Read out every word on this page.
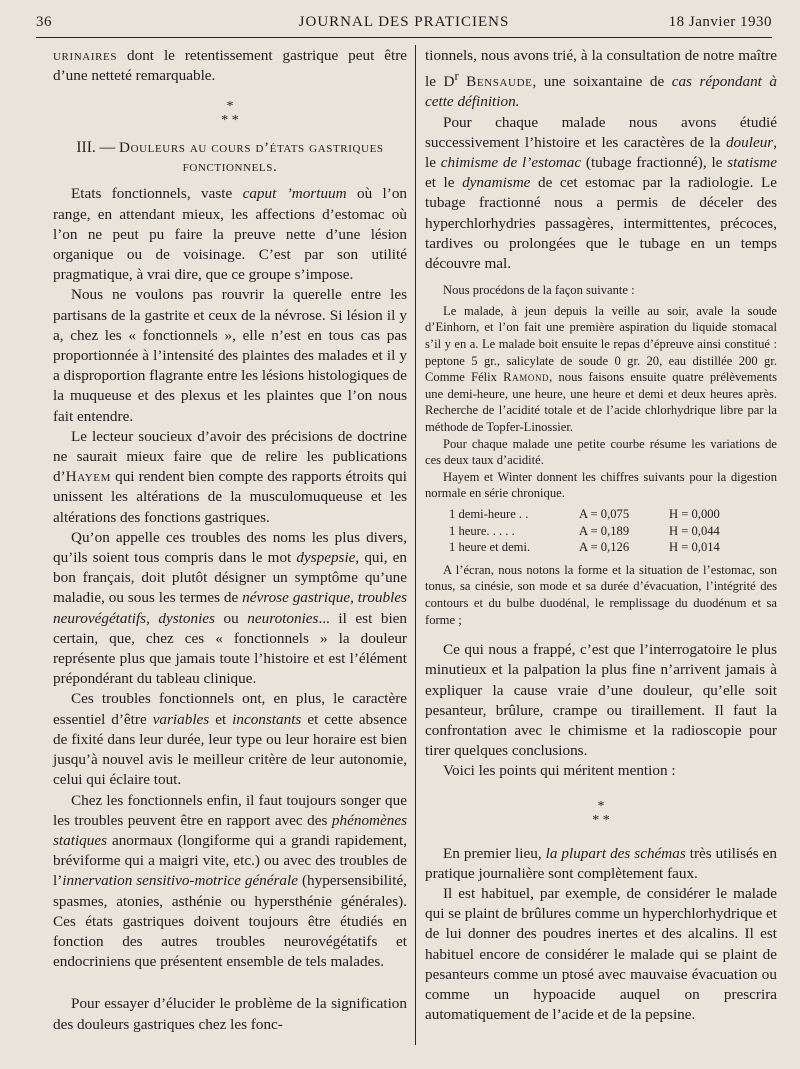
36	JOURNAL DES PRATICIENS	18 Janvier 1930

urinaires dont le retentissement gastrique peut être d’une netteté remarquable.

*
* *
III. — Douleurs au cours d’états gastriques
fonctionnels.

Etats fonctionnels, vaste caput ’mortuum où l’on range, en attendant mieux, les affections d’estomac où l’on ne peut pu faire la preuve nette d’une lésion organique ou de voisinage. C’est par son utilité pragmatique, à vrai dire, que ce groupe s’impose.

Nous ne voulons pas rouvrir la querelle entre les partisans de la gastrite et ceux de la névrose. Si lésion il y a, chez les « fonctionnels », elle n’est en tous cas pas proportionnée à l’intensité des plaintes des malades et il y a disproportion flagrante entre les lésions histologiques de la muqueuse et des plexus et les plaintes que l’on nous fait entendre.

Le lecteur soucieux d’avoir des précisions de doctrine ne saurait mieux faire que de relire les publications d’Hayem qui rendent bien compte des rapports étroits qui unissent les altérations de la musculomuqueuse et les altérations des fonctions gastriques.

Qu’on appelle ces troubles des noms les plus divers, qu’ils soient tous compris dans le mot dyspepsie, qui, en bon français, doit plutôt désigner un symptôme qu’une maladie, ou sous les termes de névrose gastrique, troubles neurovégétatifs, dystonies ou neurotonies... il est bien certain, que, chez ces « fonctionnels » la douleur représente plus que jamais toute l’histoire et est l’élément prépondérant du tableau clinique.

Ces troubles fonctionnels ont, en plus, le caractère essentiel d’être variables et inconstants et cette absence de fixité dans leur durée, leur type ou leur horaire est bien jusqu’à nouvel avis le meilleur critère de leur autonomie, celui qui éclaire tout.

Chez les fonctionnels enfin, il faut toujours songer que les troubles peuvent être en rapport avec des phénomènes statiques anormaux (longiforme qui a grandi rapidement, bréviforme qui a maigri vite, etc.) ou avec des troubles de l’innervation sensitivo-motrice générale (hypersensibilité, spasmes, atonies, asthénie ou hypersthénie générales). Ces états gastriques doivent toujours être étudiés en fonction des autres troubles neurovégétatifs et endocriniens que présentent ensemble de tels malades.

Pour essayer d’élucider le problème de la signification des douleurs gastriques chez les fonc-

tionnels, nous avons trié, à la consultation de notre maître le $D^r$ Bensaude, une soixantaine de cas répondant à cette définition.

Pour chaque malade nous avons étudié successivement l’histoire et les caractères de la douleur, le chimisme de l’estomac (tubage fractionné), le statisme et le dynamisme de cet estomac par la radiologie. Le tubage fractionné nous a permis de déceler des hyperchlorhydries passagères, intermittentes, précoces, tardives ou prolongées que le tubage en un temps découvre mal.

Nous procédons de la façon suivante :

Le malade, à jeun depuis la veille au soir, avale la soude d’Einhorn, et l’on fait une première aspiration du liquide stomacal s’il y en a. Le malade boit ensuite le repas d’épreuve ainsi constitué : peptone 5 gr., salicylate de soude 0 gr. 20, eau distillée 200 gr. Comme Félix Ramond, nous faisons ensuite quatre prélèvements une demi-heure, une heure, une heure et demi et deux heures après. Recherche de l’acidité totale et de l’acide chlorhydrique libre par la méthode de Topfer-Linossier.

Pour chaque malade une petite courbe résume les variations de ces deux taux d’acidité.

Hayem et Winter donnent les chiffres suivants pour la digestion normale en série chronique.

1 demi-heure . .	A = 0,075	H = 0,000
1 heure. . . . .	A = 0,189	H = 0,044
1 heure et demi.	A = 0,126	H = 0,014

A l’écran, nous notons la forme et la situation de l’estomac, son tonus, sa cinésie, son mode et sa durée d’évacuation, l’intégrité des contours et du bulbe duodénal, le remplissage du duodénum et sa forme ;

Ce qui nous a frappé, c’est que l’interrogatoire le plus minutieux et la palpation la plus fine n’arrivent jamais à expliquer la cause vraie d’une douleur, qu’elle soit pesanteur, brûlure, crampe ou tiraillement. Il faut la confrontation avec le chimisme et la radioscopie pour tirer quelques conclusions.

Voici les points qui méritent mention :

*
* *

En premier lieu, la plupart des schémas très utilisés en pratique journalière sont complètement faux.

Il est habituel, par exemple, de considérer le malade qui se plaint de brûlures comme un hyperchlorhydrique et de lui donner des poudres inertes et des alcalins. Il est habituel encore de considérer le malade qui se plaint de pesanteurs comme un ptosé avec mauvaise évacuation ou comme un hypoacide auquel on prescrira automatiquement de l’acide et de la pepsine.
